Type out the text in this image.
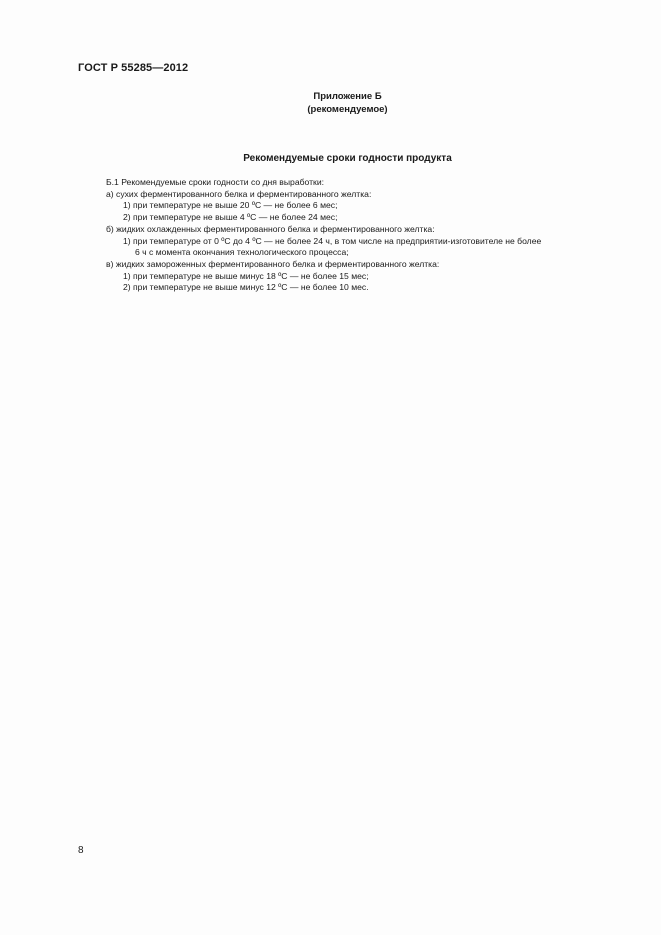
ГОСТ Р 55285—2012
Приложение Б
(рекомендуемое)
Рекомендуемые сроки годности продукта
Б.1 Рекомендуемые сроки годности со дня выработки:
а) сухих ферментированного белка и ферментированного желтка:
1) при температуре не выше 20 ºС — не более 6 мес;
2) при температуре не выше 4 ºС — не более 24 мес;
б) жидких охлажденных ферментированного белка и ферментированного желтка:
1) при температуре от 0 ºС до 4 ºС — не более 24 ч, в том числе на предприятии-изготовителе не более
6 ч с момента окончания технологического процесса;
в) жидких замороженных ферментированного белка и ферментированного желтка:
1) при температуре не выше минус 18 ºС — не более 15 мес;
2) при температуре не выше минус 12 ºС — не более 10 мес.
8
